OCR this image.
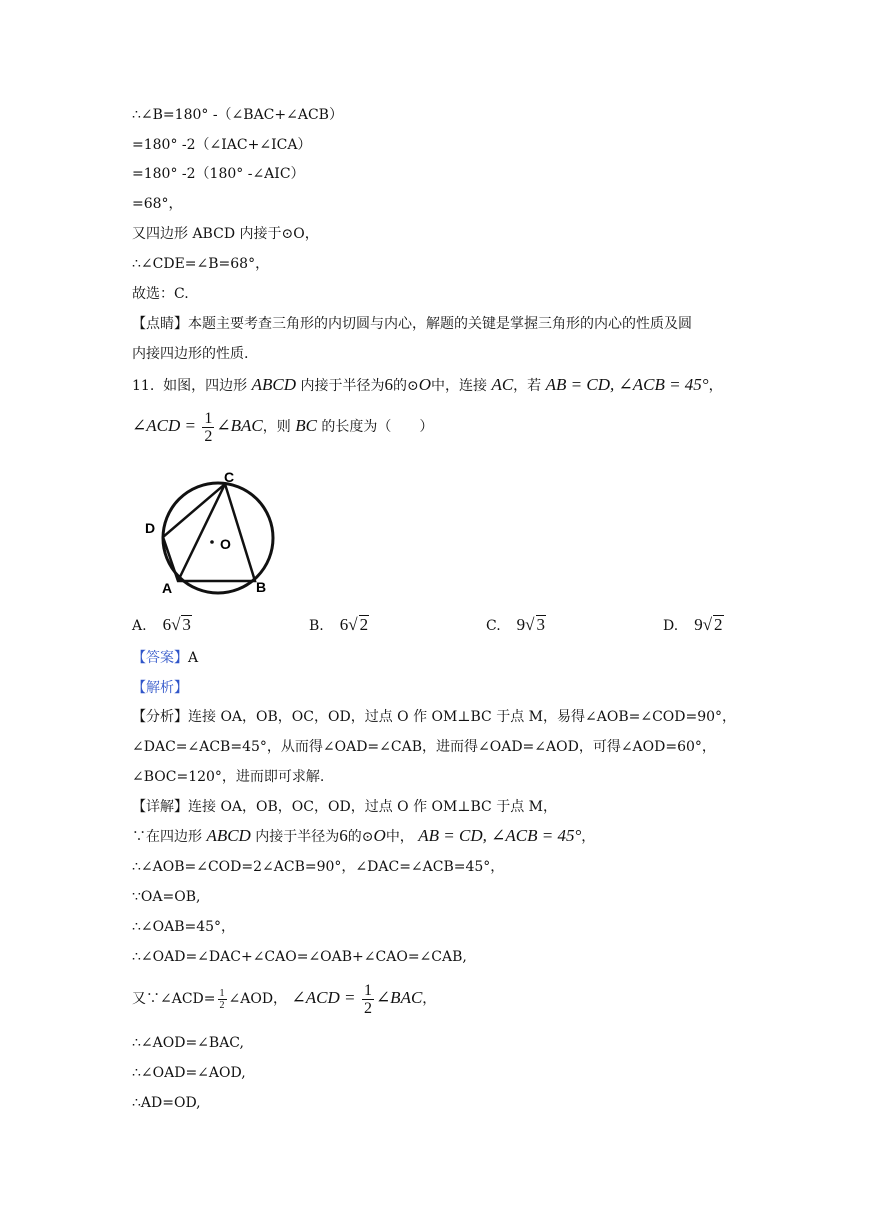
∴∠B=180° -（∠BAC+∠ACB）
=180° -2（∠IAC+∠ICA）
=180° -2（180° -∠AIC）
=68°，
又四边形 ABCD 内接于⊙O，
∴∠CDE=∠B=68°，
故选：C.
【点睛】本题主要考查三角形的内切圆与内心，解题的关键是掌握三角形的内心的性质及圆
内接四边形的性质.
11. 如图，四边形 ABCD 内接于半径为6的⊙O中，连接 AC，若 AB = CD, ∠ACB = 45°，
∠ACD = $\frac{1}{2}$ ∠BAC，则 BC 的长度为（　　）
O
C
D
A	B
A. 6√ 3	B. 6√ 2	C. 9√ 3	D. 9√ 2
【答案】A
【解析】
【分析】连接 OA，OB，OC，OD，过点 O 作 OM⊥BC 于点 M，易得∠AOB=∠COD=90°，
∠DAC=∠ACB=45°，从而得∠OAD=∠CAB，进而得∠OAD=∠AOD，可得∠AOD=60°，
∠BOC=120°，进而即可求解.
【详解】连接 OA，OB，OC，OD，过点 O 作 OM⊥BC 于点 M，
∵在四边形 ABCD 内接于半径为6的⊙O中， AB = CD, ∠ACB = 45°，
∴∠AOB=∠COD=2∠ACB=90°，∠DAC=∠ACB=45°，
∵OA=OB,
∴∠OAB=45°，
∴∠OAD=∠DAC+∠CAO=∠OAB+∠CAO=∠CAB,
又∵∠ACD= $\frac{1}{2}$ ∠AOD， ∠ACD = $\frac{1}{2}$ ∠BAC，
∴∠AOD=∠BAC,
∴∠OAD=∠AOD,
∴AD=OD,
